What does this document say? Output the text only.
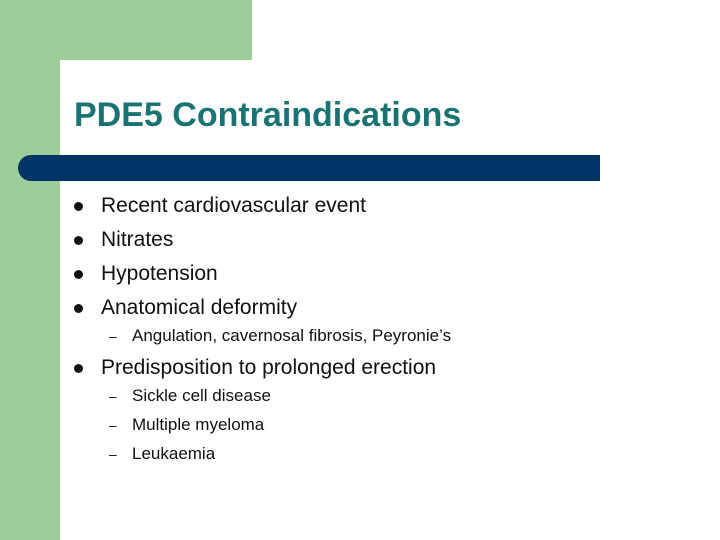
PDE5 Contraindications
Recent cardiovascular event
Nitrates
Hypotension
Anatomical deformity
– Angulation, cavernosal fibrosis, Peyronie’s
Predisposition to prolonged erection
– Sickle cell disease
– Multiple myeloma
– Leukaemia
